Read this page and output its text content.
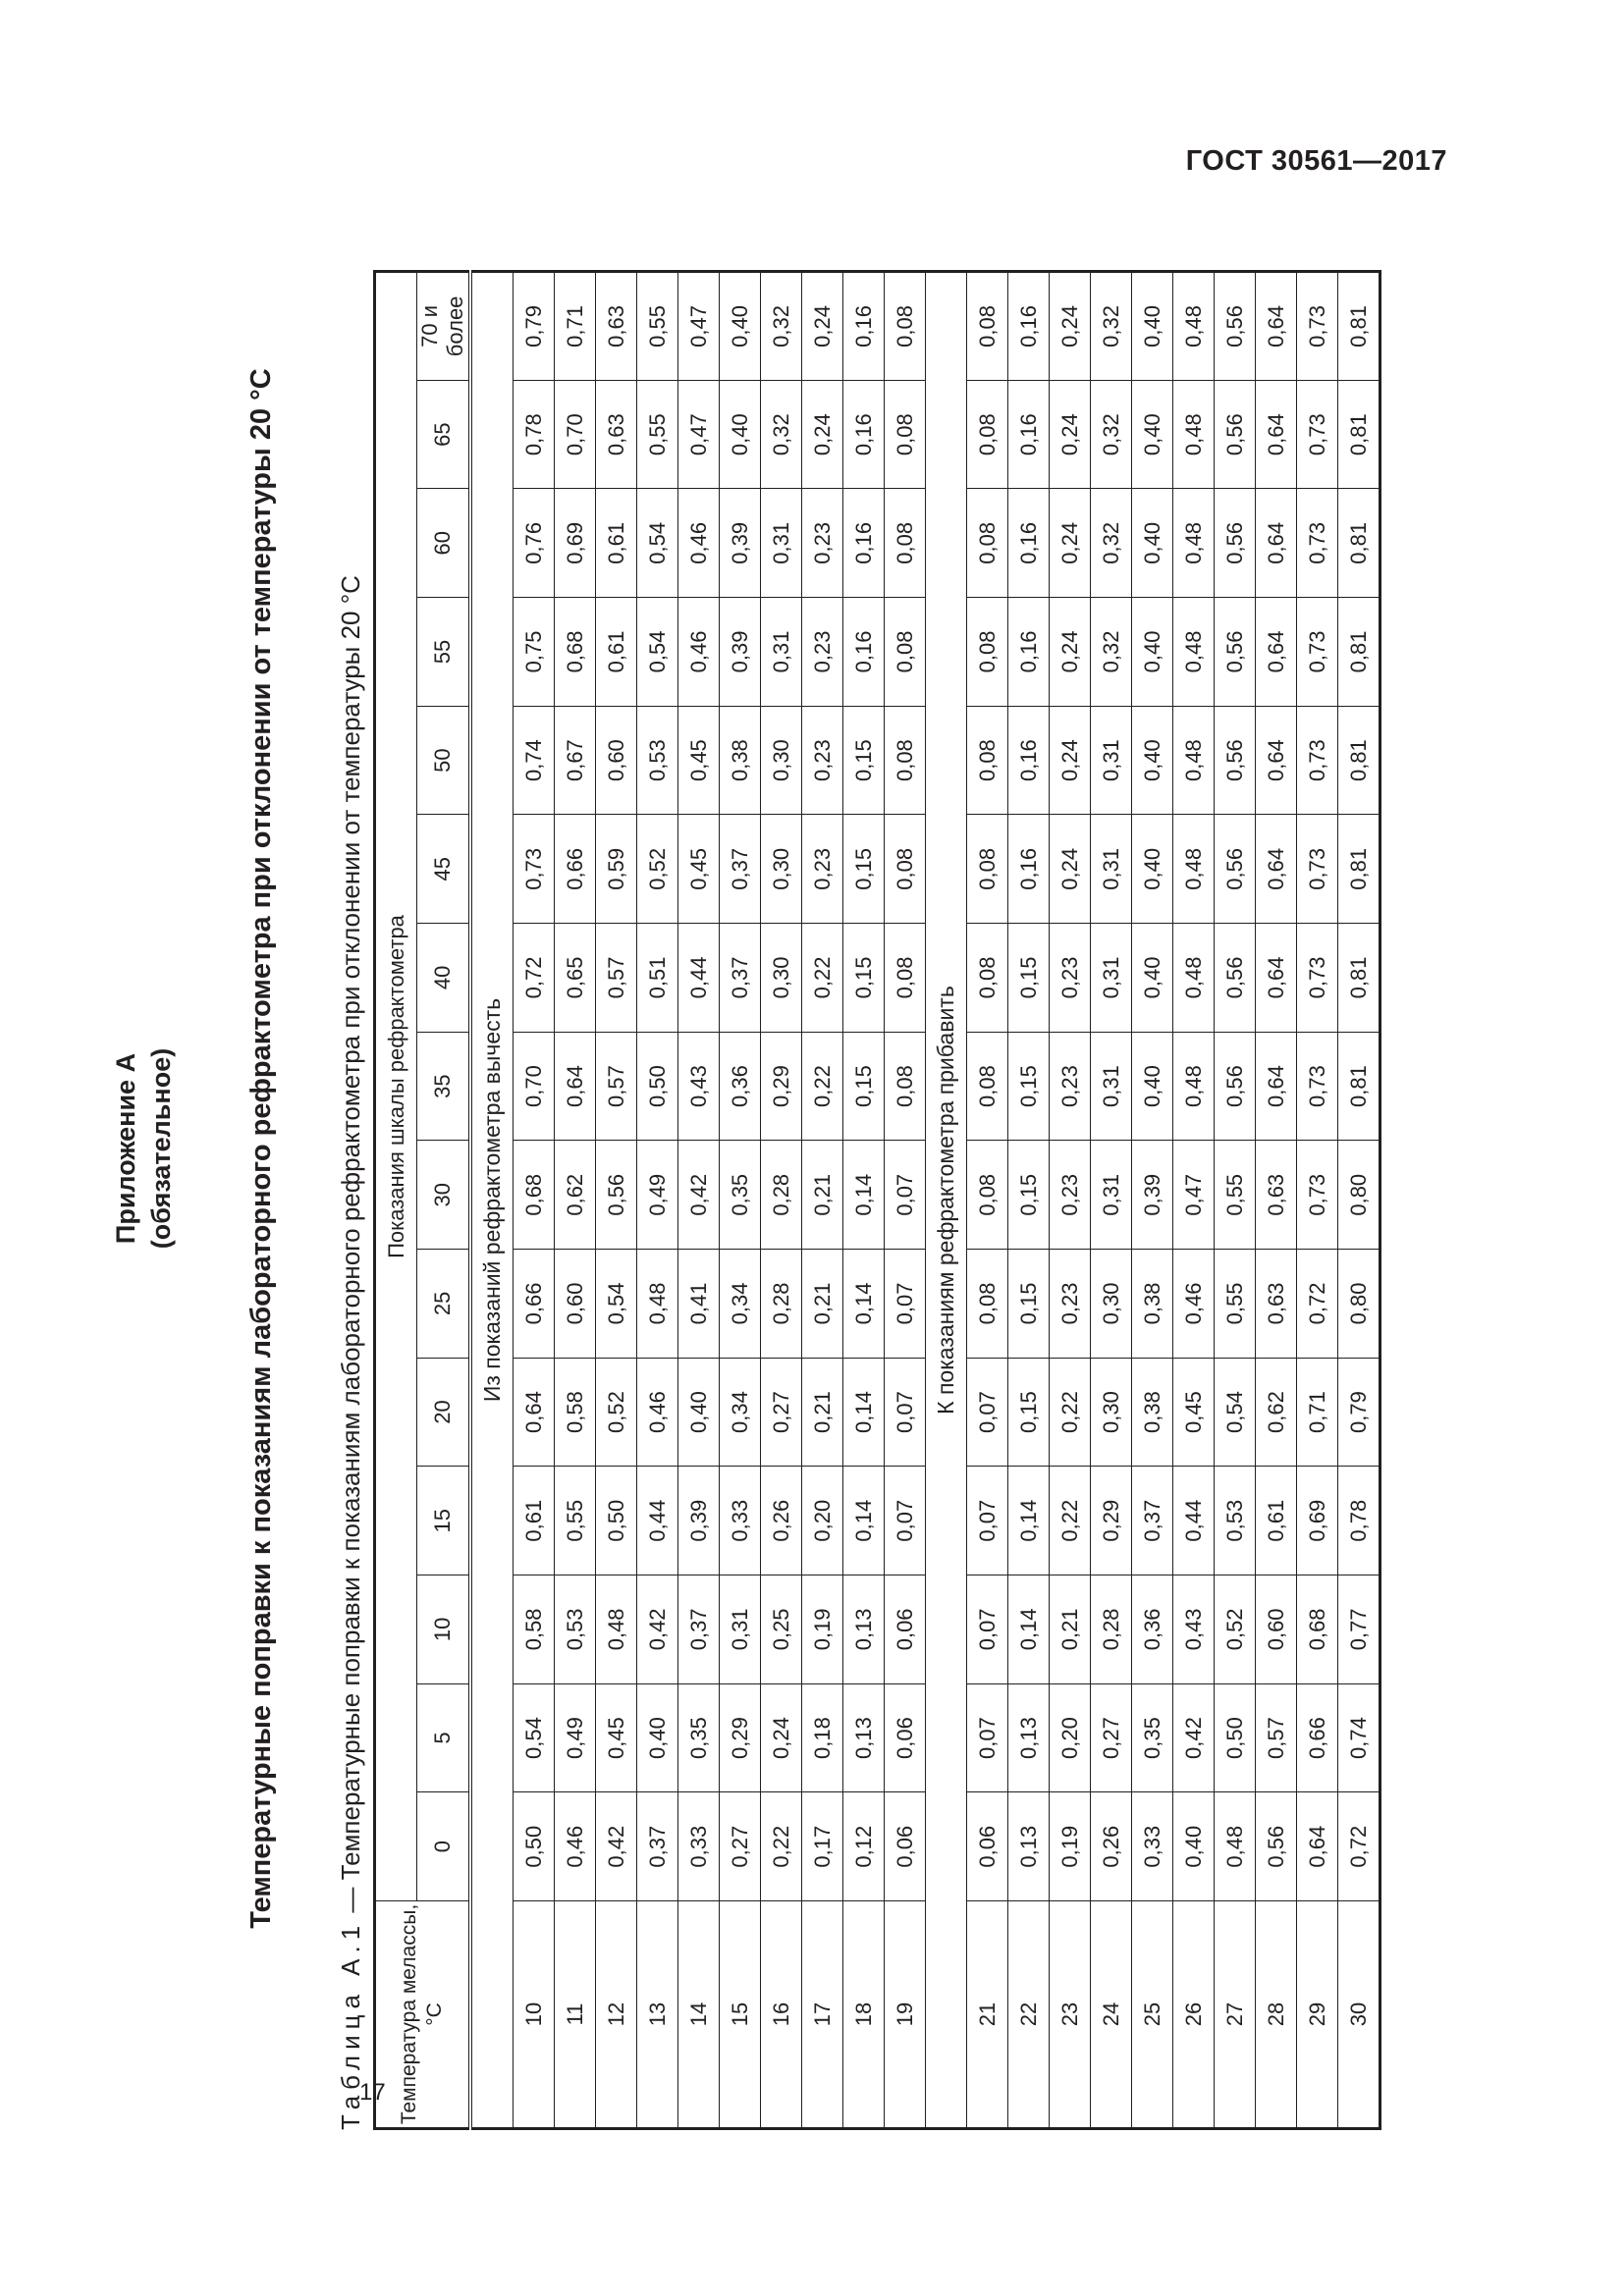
ГОСТ 30561—2017
17
Приложение А (обязательное) Температурные поправки к показаниям лабораторного рефрактометра при отклонении от температуры 20 °С
Таблица А.1 — Температурные поправки к показаниям лабораторного рефрактометра при отклонении от температуры 20 °С
Температура мелассы, °С	Показания шкалы рефрактометра														
	0	5	10	15	20	25	30	35	40	45	50	55	60	65	70 и более
Из показаний рефрактометра вычесть															
10	0,50	0,54	0,58	0,61	0,64	0,66	0,68	0,70	0,72	0,73	0,74	0,75	0,76	0,78	0,79
11	0,46	0,49	0,53	0,55	0,58	0,60	0,62	0,64	0,65	0,66	0,67	0,68	0,69	0,70	0,71
12	0,42	0,45	0,48	0,50	0,52	0,54	0,56	0,57	0,57	0,59	0,60	0,61	0,61	0,63	0,63
13	0,37	0,40	0,42	0,44	0,46	0,48	0,49	0,50	0,51	0,52	0,53	0,54	0,54	0,55	0,55
14	0,33	0,35	0,37	0,39	0,40	0,41	0,42	0,43	0,44	0,45	0,45	0,46	0,46	0,47	0,47
15	0,27	0,29	0,31	0,33	0,34	0,34	0,35	0,36	0,37	0,37	0,38	0,39	0,39	0,40	0,40
16	0,22	0,24	0,25	0,26	0,27	0,28	0,28	0,29	0,30	0,30	0,30	0,31	0,31	0,32	0,32
17	0,17	0,18	0,19	0,20	0,21	0,21	0,21	0,22	0,22	0,23	0,23	0,23	0,23	0,24	0,24
18	0,12	0,13	0,13	0,14	0,14	0,14	0,14	0,15	0,15	0,15	0,15	0,16	0,16	0,16	0,16
19	0,06	0,06	0,06	0,07	0,07	0,07	0,07	0,08	0,08	0,08	0,08	0,08	0,08	0,08	0,08
К показаниям рефрактометра прибавить															
21	0,06	0,07	0,07	0,07	0,07	0,08	0,08	0,08	0,08	0,08	0,08	0,08	0,08	0,08	0,08
22	0,13	0,13	0,14	0,14	0,15	0,15	0,15	0,15	0,15	0,16	0,16	0,16	0,16	0,16	0,16
23	0,19	0,20	0,21	0,22	0,22	0,23	0,23	0,23	0,23	0,24	0,24	0,24	0,24	0,24	0,24
24	0,26	0,27	0,28	0,29	0,30	0,30	0,31	0,31	0,31	0,31	0,31	0,32	0,32	0,32	0,32
25	0,33	0,35	0,36	0,37	0,38	0,38	0,39	0,40	0,40	0,40	0,40	0,40	0,40	0,40	0,40
26	0,40	0,42	0,43	0,44	0,45	0,46	0,47	0,48	0,48	0,48	0,48	0,48	0,48	0,48	0,48
27	0,48	0,50	0,52	0,53	0,54	0,55	0,55	0,56	0,56	0,56	0,56	0,56	0,56	0,56	0,56
28	0,56	0,57	0,60	0,61	0,62	0,63	0,63	0,64	0,64	0,64	0,64	0,64	0,64	0,64	0,64
29	0,64	0,66	0,68	0,69	0,71	0,72	0,73	0,73	0,73	0,73	0,73	0,73	0,73	0,73	0,73
30	0,72	0,74	0,77	0,78	0,79	0,80	0,80	0,81	0,81	0,81	0,81	0,81	0,81	0,81	0,81
